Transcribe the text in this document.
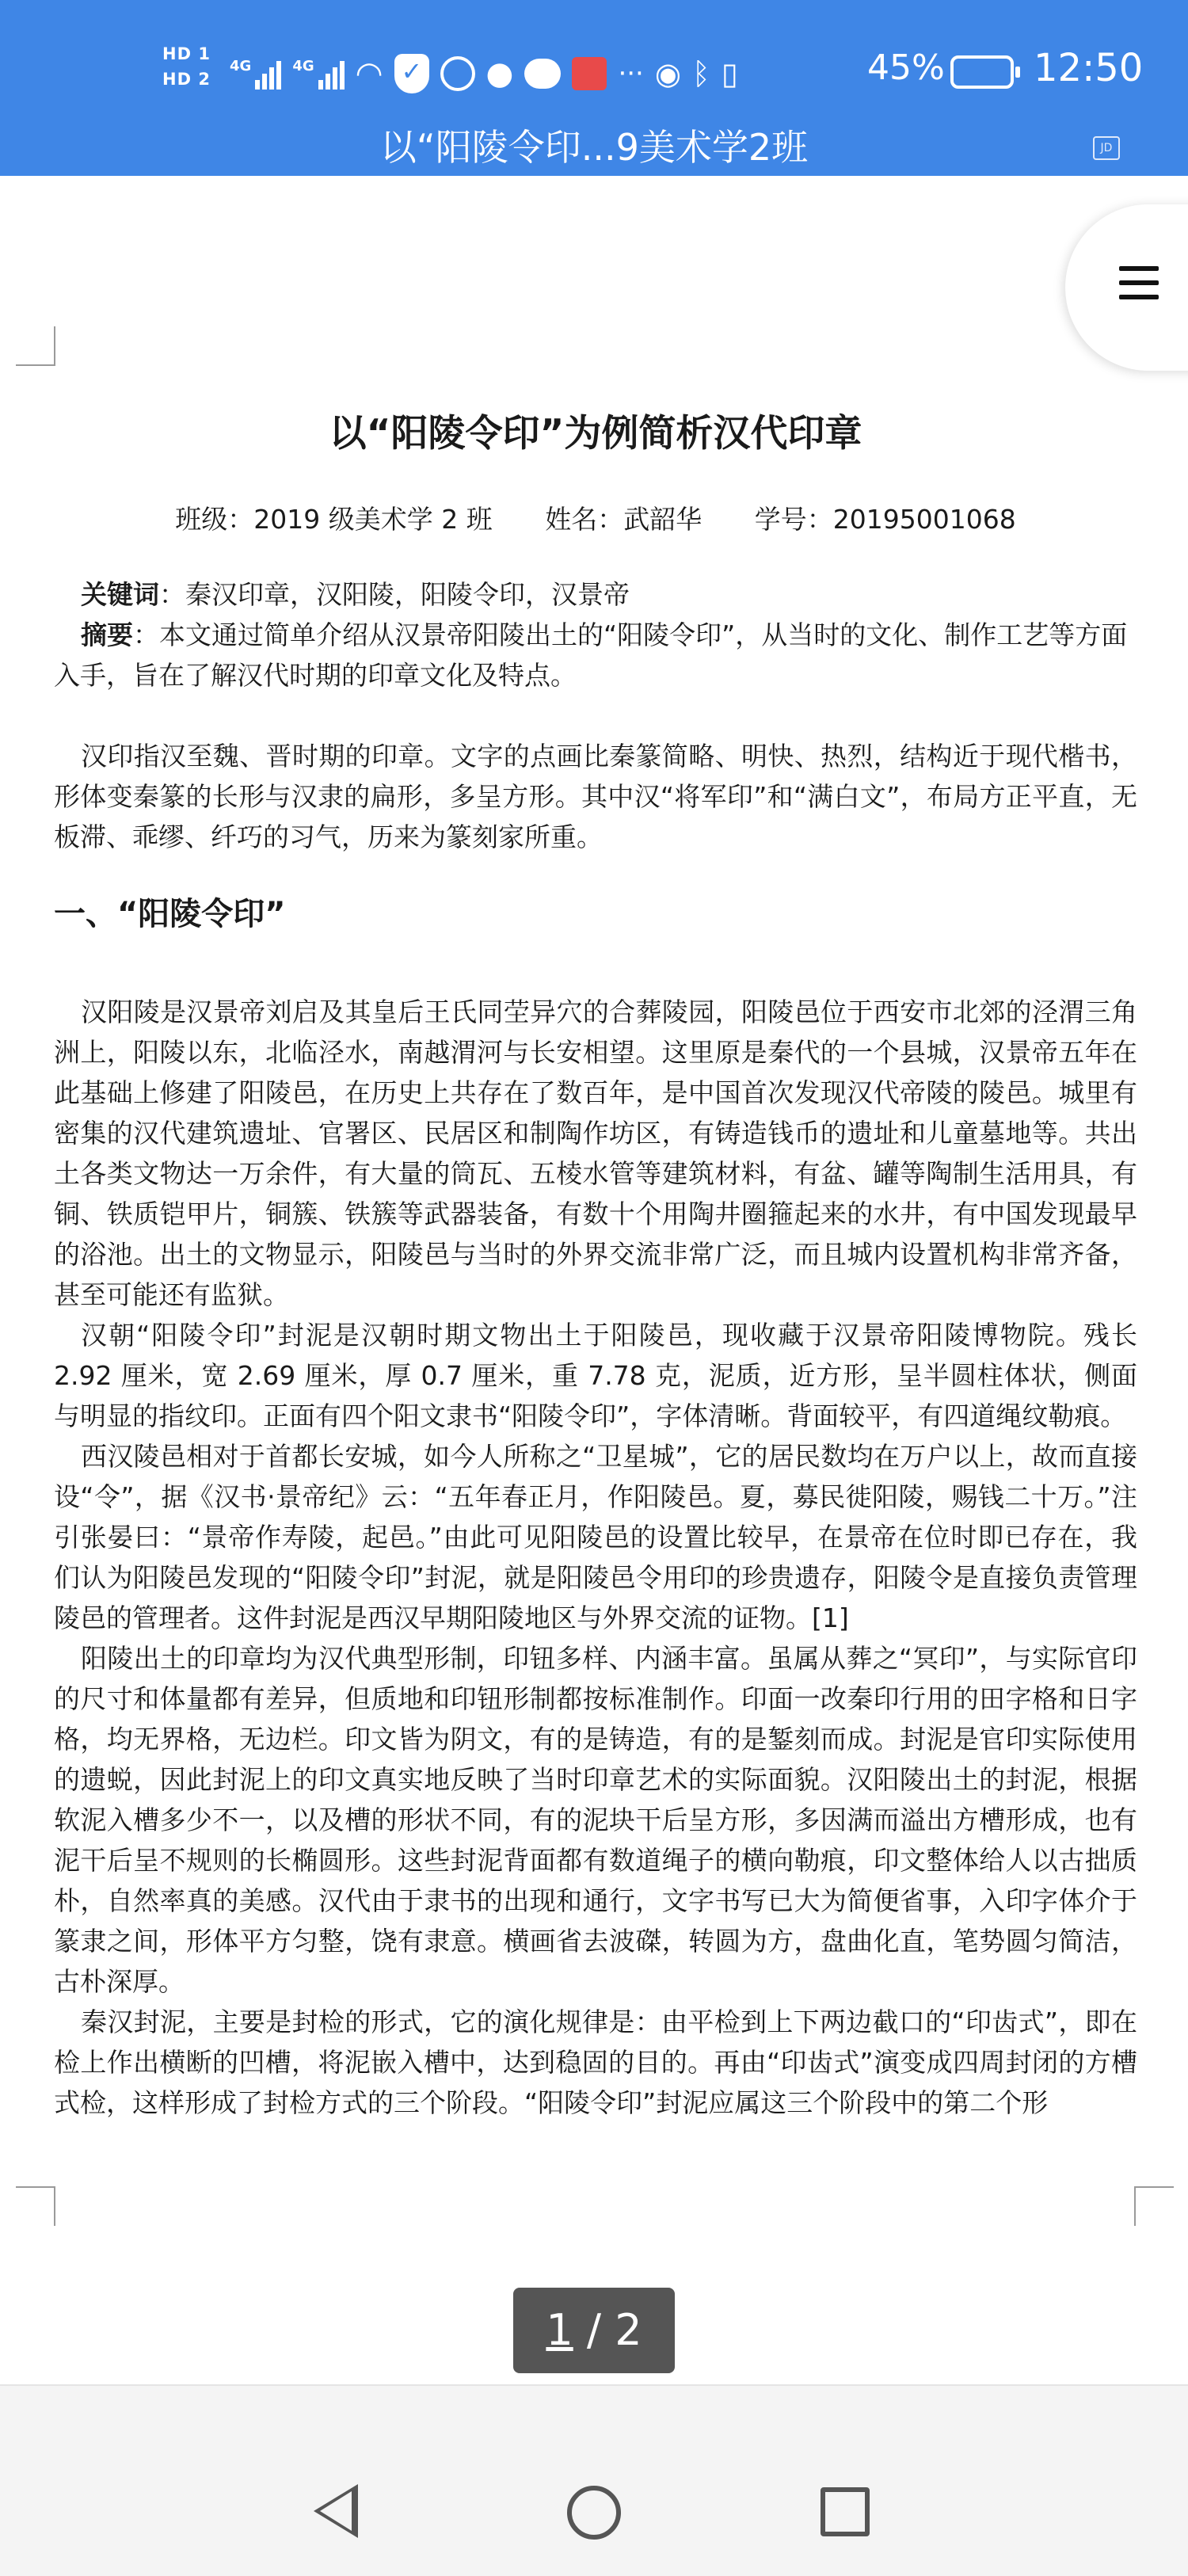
HD 1
HD 2
4G	4G ◠
✓	●	··· ◉ ᛒ ▯	45% 12:50
以“阳陵令印...9美术学2班	JD
以“阳陵令印”为例简析汉代印章
班级：2019 级美术学 2 班 姓名：武韶华 学号：20195001068

关键词：秦汉印章，汉阳陵，阳陵令印，汉景帝

摘要：本文通过简单介绍从汉景帝阳陵出土的“阳陵令印”，从当时的文化、制作工艺等方面入手，旨在了解汉代时期的印章文化及特点。

汉印指汉至魏、晋时期的印章。文字的点画比秦篆简略、明快、热烈，结构近于现代楷书，形体变秦篆的长形与汉隶的扁形，多呈方形。其中汉“将军印”和“满白文”，布局方正平直，无板滞、乖缪、纤巧的习气，历来为篆刻家所重。

一、“阳陵令印”

汉阳陵是汉景帝刘启及其皇后王氏同茔异穴的合葬陵园，阳陵邑位于西安市北郊的泾渭三角洲上，阳陵以东，北临泾水，南越渭河与长安相望。这里原是秦代的一个县城，汉景帝五年在此基础上修建了阳陵邑，在历史上共存在了数百年，是中国首次发现汉代帝陵的陵邑。城里有密集的汉代建筑遗址、官署区、民居区和制陶作坊区，有铸造钱币的遗址和儿童墓地等。共出土各类文物达一万余件，有大量的筒瓦、五棱水管等建筑材料，有盆、罐等陶制生活用具，有铜、铁质铠甲片，铜簇、铁簇等武器装备，有数十个用陶井圈箍起来的水井，有中国发现最早的浴池。出土的文物显示，阳陵邑与当时的外界交流非常广泛，而且城内设置机构非常齐备，甚至可能还有监狱。

汉朝“阳陵令印”封泥是汉朝时期文物出土于阳陵邑，现收藏于汉景帝阳陵博物院。残长 2.92 厘米，宽 2.69 厘米，厚 0.7 厘米，重 7.78 克，泥质，近方形，呈半圆柱体状，侧面与明显的指纹印。正面有四个阳文隶书“阳陵令印”，字体清晰。背面较平，有四道绳纹勒痕。

西汉陵邑相对于首都长安城，如今人所称之“卫星城”，它的居民数均在万户以上，故而直接设“令”，据《汉书·景帝纪》云：“五年春正月，作阳陵邑。夏，募民徙阳陵，赐钱二十万。”注引张晏曰：“景帝作寿陵，起邑。”由此可见阳陵邑的设置比较早，在景帝在位时即已存在，我们认为阳陵邑发现的“阳陵令印”封泥，就是阳陵邑令用印的珍贵遗存，阳陵令是直接负责管理陵邑的管理者。这件封泥是西汉早期阳陵地区与外界交流的证物。[1]

阳陵出土的印章均为汉代典型形制，印钮多样、内涵丰富。虽属从葬之“冥印”，与实际官印的尺寸和体量都有差异，但质地和印钮形制都按标准制作。印面一改秦印行用的田字格和日字格，均无界格，无边栏。印文皆为阴文，有的是铸造，有的是錾刻而成。封泥是官印实际使用的遗蜕，因此封泥上的印文真实地反映了当时印章艺术的实际面貌。汉阳陵出土的封泥，根据软泥入槽多少不一，以及槽的形状不同，有的泥块干后呈方形，多因满而溢出方槽形成，也有泥干后呈不规则的长椭圆形。这些封泥背面都有数道绳子的横向勒痕，印文整体给人以古拙质朴，自然率真的美感。汉代由于隶书的出现和通行，文字书写已大为简便省事，入印字体介于篆隶之间，形体平方匀整，饶有隶意。横画省去波磔，转圆为方，盘曲化直，笔势圆匀简洁，古朴深厚。

秦汉封泥，主要是封检的形式，它的演化规律是：由平检到上下两边截口的“印齿式”，即在检上作出横断的凹槽，将泥嵌入槽中，达到稳固的目的。再由“印齿式”演变成四周封闭的方槽式检，这样形成了封检方式的三个阶段。“阳陵令印”封泥应属这三个阶段中的第二个形

1 / 2
